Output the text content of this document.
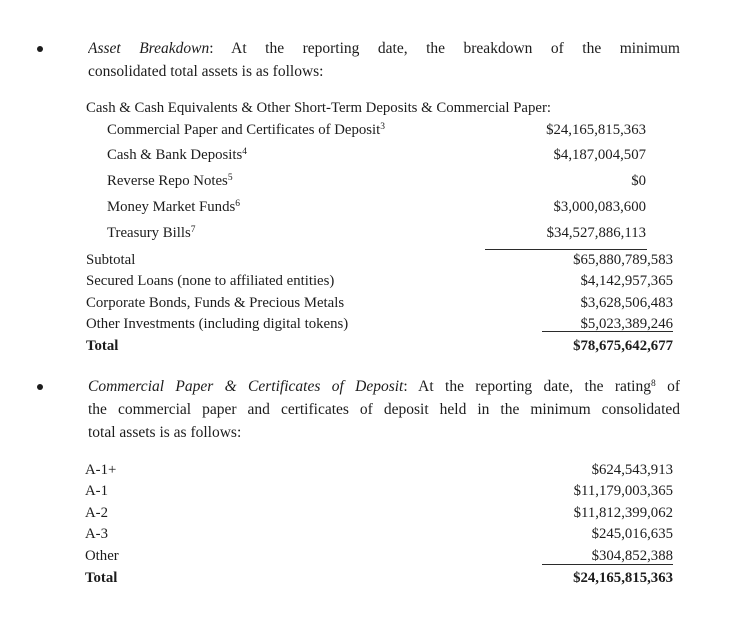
Asset Breakdown: At the reporting date, the breakdown of the minimum
consolidated total assets is as follows:
Cash & Cash Equivalents & Other Short-Term Deposits & Commercial Paper:
Commercial Paper and Certificates of Deposit$^3$	$24,165,815,363
Cash & Bank Deposits$^4$	$4,187,004,507
Reverse Repo Notes$^5$	$0
Money Market Funds$^6$	$3,000,083,600
Treasury Bills$^7$	$34,527,886,113
Subtotal	$65,880,789,583
Secured Loans (none to affiliated entities)	$4,142,957,365
Corporate Bonds, Funds & Precious Metals	$3,628,506,483
Other Investments (including digital tokens)	$5,023,389,246
Total	$78,675,642,677
Commercial Paper & Certificates of Deposit: At the reporting date, the rating$^8$ of
the commercial paper and certificates of deposit held in the minimum consolidated
total assets is as follows:
A-1+	$624,543,913
A-1	$11,179,003,365
A-2	$11,812,399,062
A-3	$245,016,635
Other	$304,852,388
Total	$24,165,815,363
